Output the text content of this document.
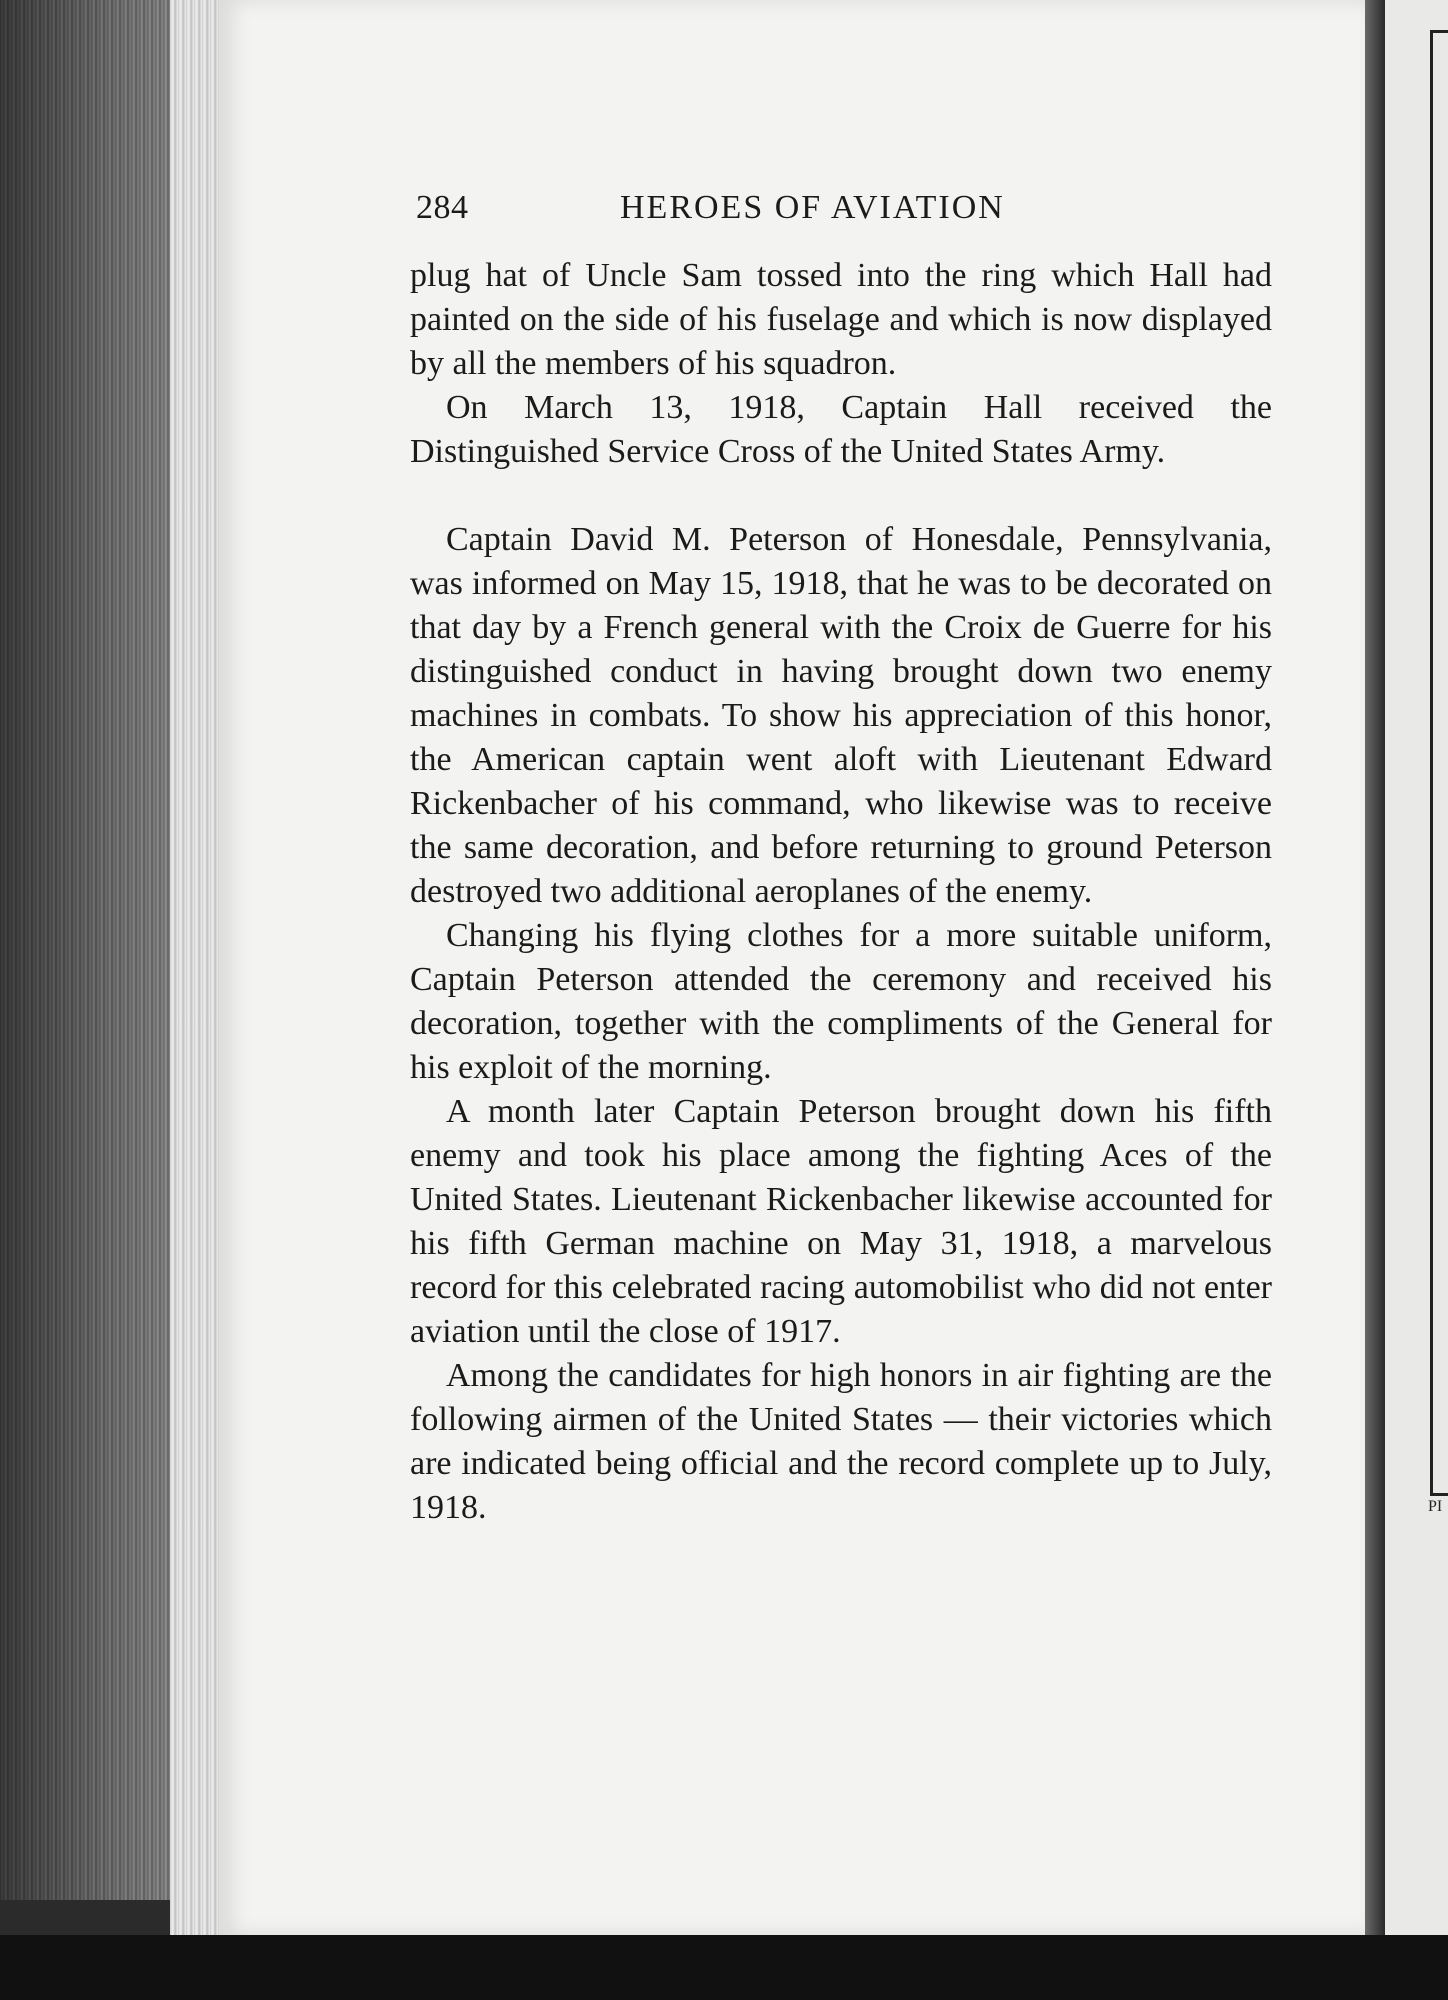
PI
284	HEROES OF AVIATION

plug hat of Uncle Sam tossed into the ring which Hall had painted on the side of his fuselage and which is now displayed by all the members of his squadron.

On March 13, 1918, Captain Hall received the Distinguished Service Cross of the United States Army.

Captain David M. Peterson of Honesdale, Pennsylvania, was informed on May 15, 1918, that he was to be decorated on that day by a French general with the Croix de Guerre for his distinguished conduct in having brought down two enemy machines in combats. To show his appreciation of this honor, the American captain went aloft with Lieutenant Edward Rickenbacher of his command, who likewise was to receive the same decoration, and before returning to ground Peterson destroyed two additional aeroplanes of the enemy.

Changing his flying clothes for a more suitable uniform, Captain Peterson attended the ceremony and received his decoration, together with the compliments of the General for his exploit of the morning.

A month later Captain Peterson brought down his fifth enemy and took his place among the fighting Aces of the United States. Lieutenant Rickenbacher likewise accounted for his fifth German machine on May 31, 1918, a marvelous record for this celebrated racing automobilist who did not enter aviation until the close of 1917.

Among the candidates for high honors in air fighting are the following airmen of the United States — their victories which are indicated being official and the record complete up to July, 1918.
